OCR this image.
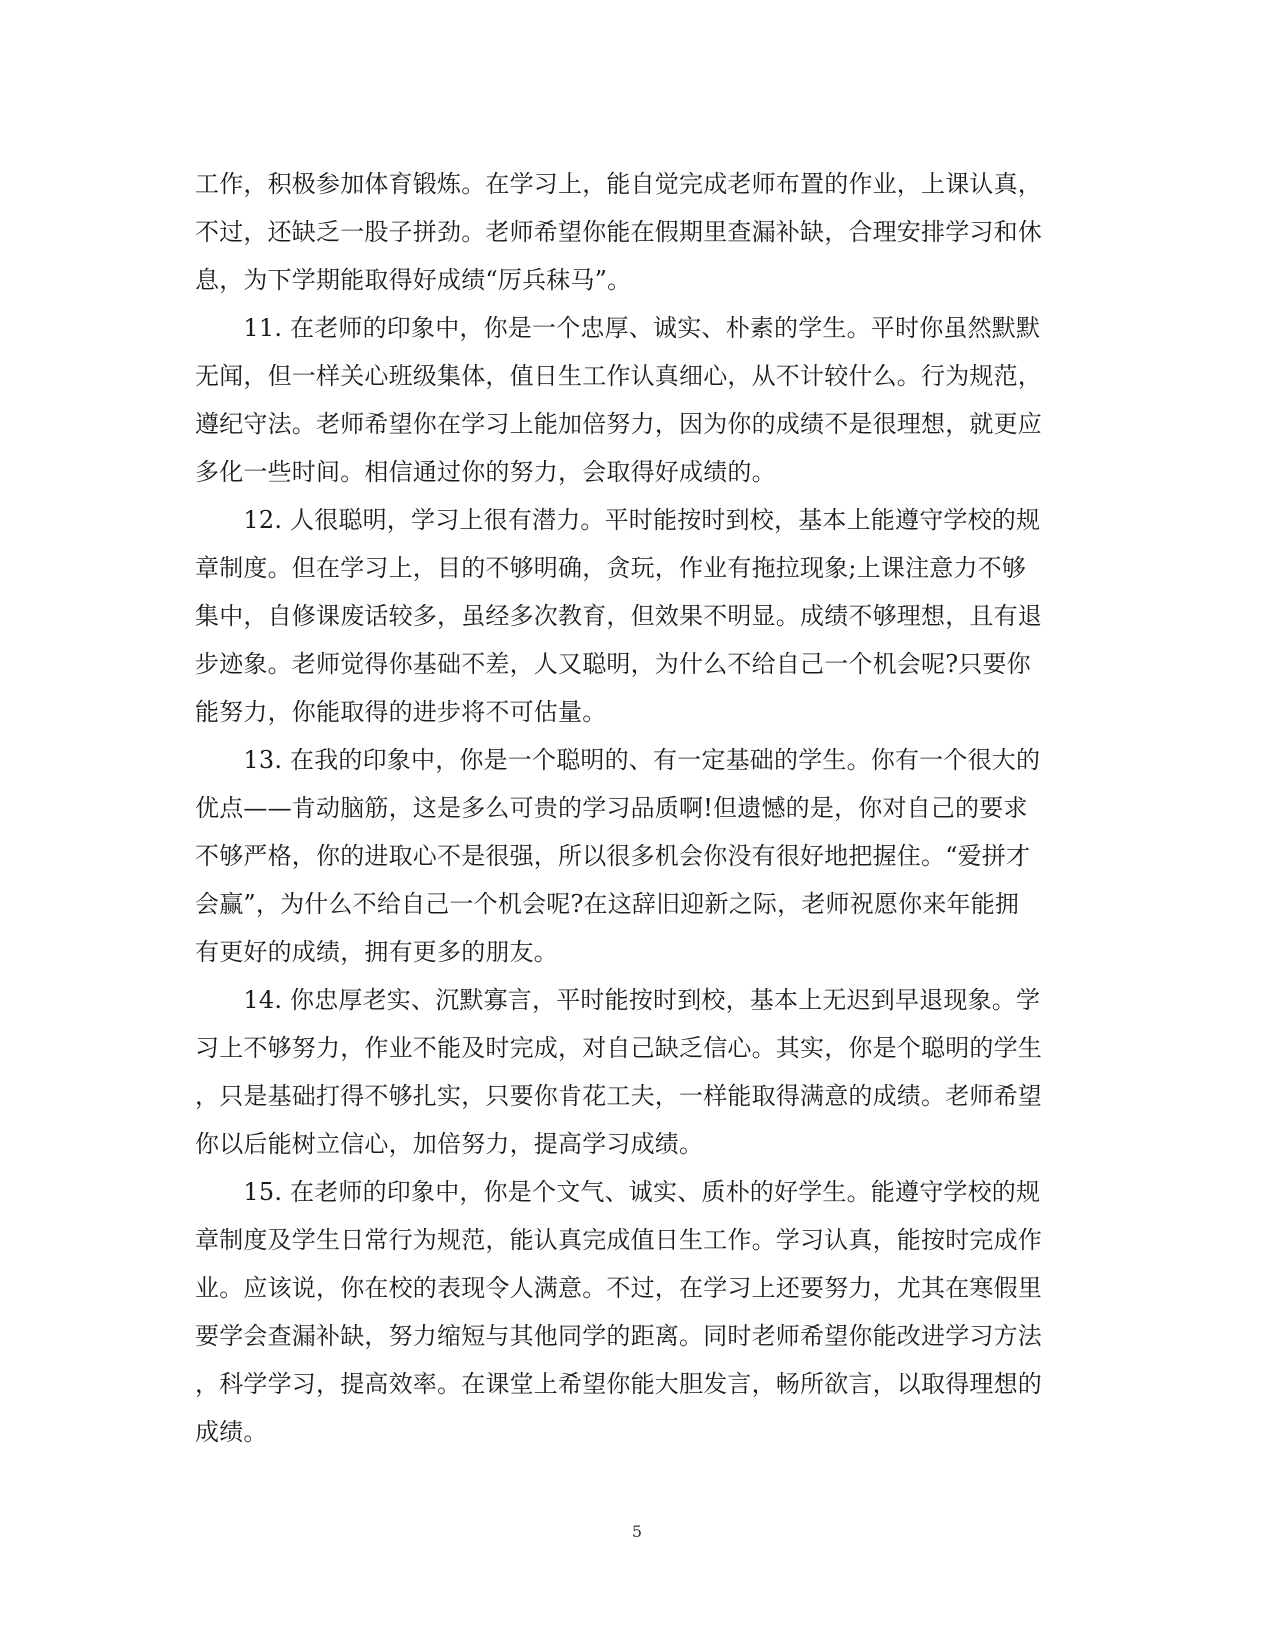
工作，积极参加体育锻炼。在学习上，能自觉完成老师布置的作业，上课认真，
不过，还缺乏一股子拼劲。老师希望你能在假期里查漏补缺，合理安排学习和休
息，为下学期能取得好成绩“厉兵秣马”。
　　11. 在老师的印象中，你是一个忠厚、诚实、朴素的学生。平时你虽然默默
无闻，但一样关心班级集体，值日生工作认真细心，从不计较什么。行为规范，
遵纪守法。老师希望你在学习上能加倍努力，因为你的成绩不是很理想，就更应
多化一些时间。相信通过你的努力，会取得好成绩的。
　　12. 人很聪明，学习上很有潜力。平时能按时到校，基本上能遵守学校的规
章制度。但在学习上，目的不够明确，贪玩，作业有拖拉现象;上课注意力不够
集中，自修课废话较多，虽经多次教育，但效果不明显。成绩不够理想，且有退
步迹象。老师觉得你基础不差，人又聪明，为什么不给自己一个机会呢?只要你
能努力，你能取得的进步将不可估量。
　　13. 在我的印象中，你是一个聪明的、有一定基础的学生。你有一个很大的
优点——肯动脑筋，这是多么可贵的学习品质啊!但遗憾的是，你对自己的要求
不够严格，你的进取心不是很强，所以很多机会你没有很好地把握住。“爱拼才
会赢”，为什么不给自己一个机会呢?在这辞旧迎新之际，老师祝愿你来年能拥
有更好的成绩，拥有更多的朋友。
　　14. 你忠厚老实、沉默寡言，平时能按时到校，基本上无迟到早退现象。学
习上不够努力，作业不能及时完成，对自己缺乏信心。其实，你是个聪明的学生
，只是基础打得不够扎实，只要你肯花工夫，一样能取得满意的成绩。老师希望
你以后能树立信心，加倍努力，提高学习成绩。
　　15. 在老师的印象中，你是个文气、诚实、质朴的好学生。能遵守学校的规
章制度及学生日常行为规范，能认真完成值日生工作。学习认真，能按时完成作
业。应该说，你在校的表现令人满意。不过，在学习上还要努力，尤其在寒假里
要学会查漏补缺，努力缩短与其他同学的距离。同时老师希望你能改进学习方法
，科学学习，提高效率。在课堂上希望你能大胆发言，畅所欲言，以取得理想的
成绩。
5
